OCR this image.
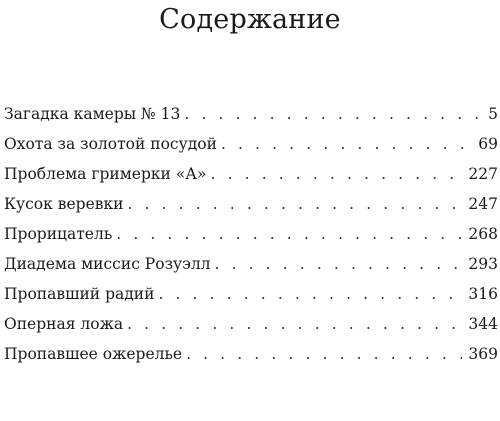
Содержание
Загадка камеры № 13 . . .	5
Охота за золотой посудой . . .	69
Проблема гримерки «А» . . .	227
Кусок веревки . . .	247
Прорицатель . . .	268
Диадема миссис Розуэлл . . .	293
Пропавший радий . . .	316
Оперная ложа . . .	344
Пропавшее ожерелье . . .	369
